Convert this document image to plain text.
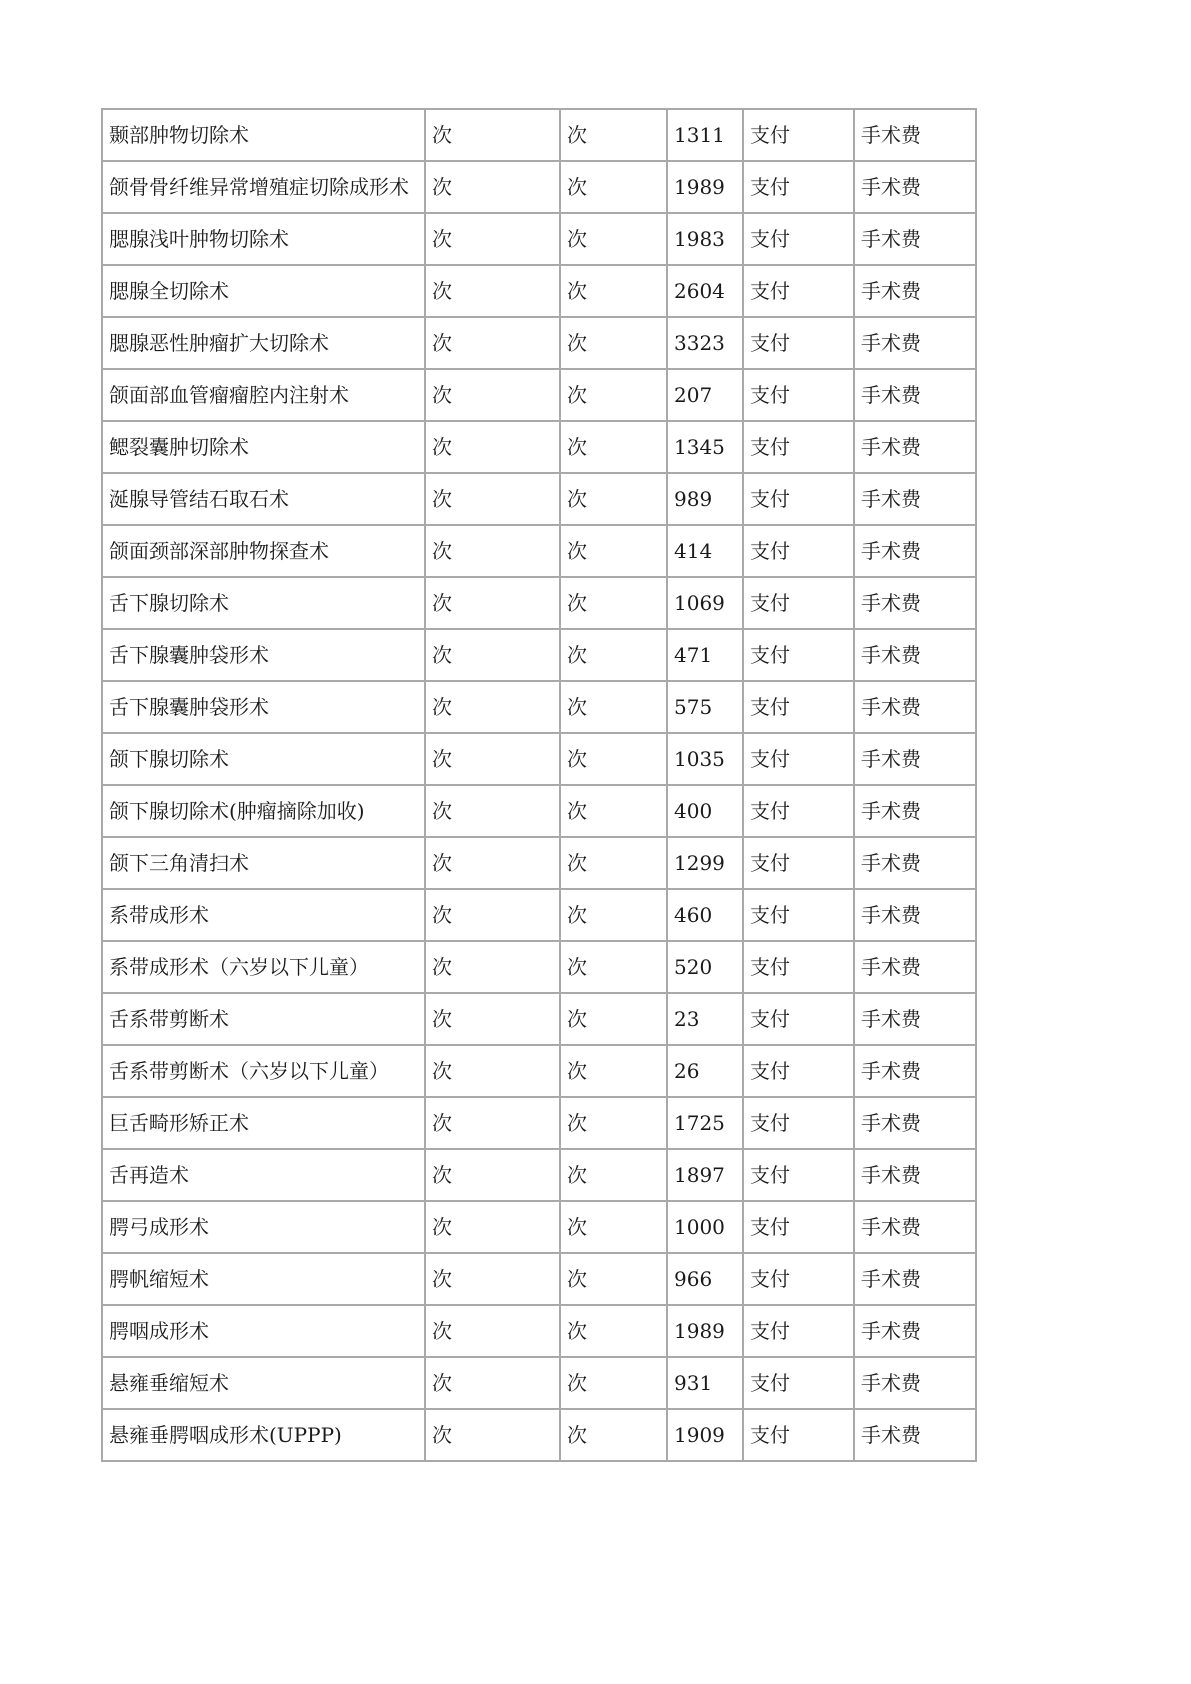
颞部肿物切除术	次	次	1311	支付	手术费
颌骨骨纤维异常增殖症切除成形术	次	次	1989	支付	手术费
腮腺浅叶肿物切除术	次	次	1983	支付	手术费
腮腺全切除术	次	次	2604	支付	手术费
腮腺恶性肿瘤扩大切除术	次	次	3323	支付	手术费
颌面部血管瘤瘤腔内注射术	次	次	207	支付	手术费
鳃裂囊肿切除术	次	次	1345	支付	手术费
涎腺导管结石取石术	次	次	989	支付	手术费
颌面颈部深部肿物探查术	次	次	414	支付	手术费
舌下腺切除术	次	次	1069	支付	手术费
舌下腺囊肿袋形术	次	次	471	支付	手术费
舌下腺囊肿袋形术	次	次	575	支付	手术费
颌下腺切除术	次	次	1035	支付	手术费
颌下腺切除术(肿瘤摘除加收)	次	次	400	支付	手术费
颌下三角清扫术	次	次	1299	支付	手术费
系带成形术	次	次	460	支付	手术费
系带成形术（六岁以下儿童）	次	次	520	支付	手术费
舌系带剪断术	次	次	23	支付	手术费
舌系带剪断术（六岁以下儿童）	次	次	26	支付	手术费
巨舌畸形矫正术	次	次	1725	支付	手术费
舌再造术	次	次	1897	支付	手术费
腭弓成形术	次	次	1000	支付	手术费
腭帆缩短术	次	次	966	支付	手术费
腭咽成形术	次	次	1989	支付	手术费
悬雍垂缩短术	次	次	931	支付	手术费
悬雍垂腭咽成形术(UPPP)	次	次	1909	支付	手术费
